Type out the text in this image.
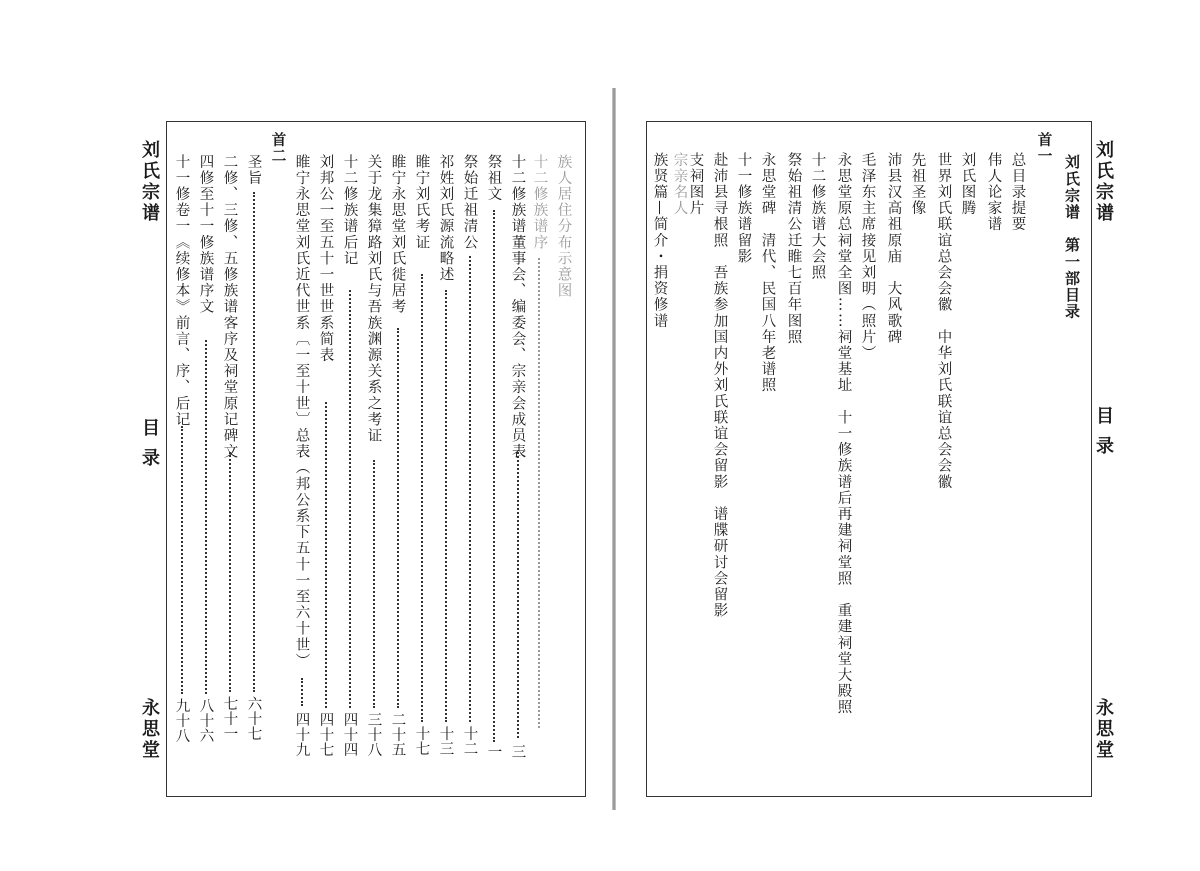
刘氏宗谱
目 录
永思堂
刘氏宗谱　第一部目录
首一
总目录提要
伟人论家谱
刘氏图腾
世界刘氏联谊总会会徽　中华刘氏联谊总会会徽
先祖圣像
沛县汉高祖原庙　大风歌碑
毛泽东主席接见刘明（照片）
永思堂原总祠堂全图……祠堂基址　十一修族谱后再建祠堂照　重建祠堂大殿照
十二修族谱大会照
祭始祖清公迁睢七百年图照
永思堂碑　清代、民国八年老谱照
十一修族谱留影
赴沛县寻根照　吾族参加国内外刘氏联谊会留影　谱牒研讨会留影
支祠图片
宗亲名人
族贤篇—简介・捐资修谱
刘氏宗谱
目 录
永思堂
族人居住分布示意图
十二修族谱序
十二修族谱董事会、编委会、宗亲会成员表
三
祭祖文
一
祭始迁祖清公
十二
祁姓刘氏源流略述
十三
睢宁刘氏考证
十七
睢宁永思堂刘氏徙居考
二十五
关于龙集獐路刘氏与吾族渊源关系之考证
三十八
十二修族谱后记
四十四
刘邦公一至五十一世世系简表
四十七
睢宁永思堂刘氏近代世系〔一至十世〕总表（邦公系下五十一至六十世）
四十九
首二
圣旨
六十七
二修、三修、五修族谱客序及祠堂原记碑文
七十一
四修至十一修族谱序文
八十六
十一修卷一《续修本》前言、序、后记
九十八
